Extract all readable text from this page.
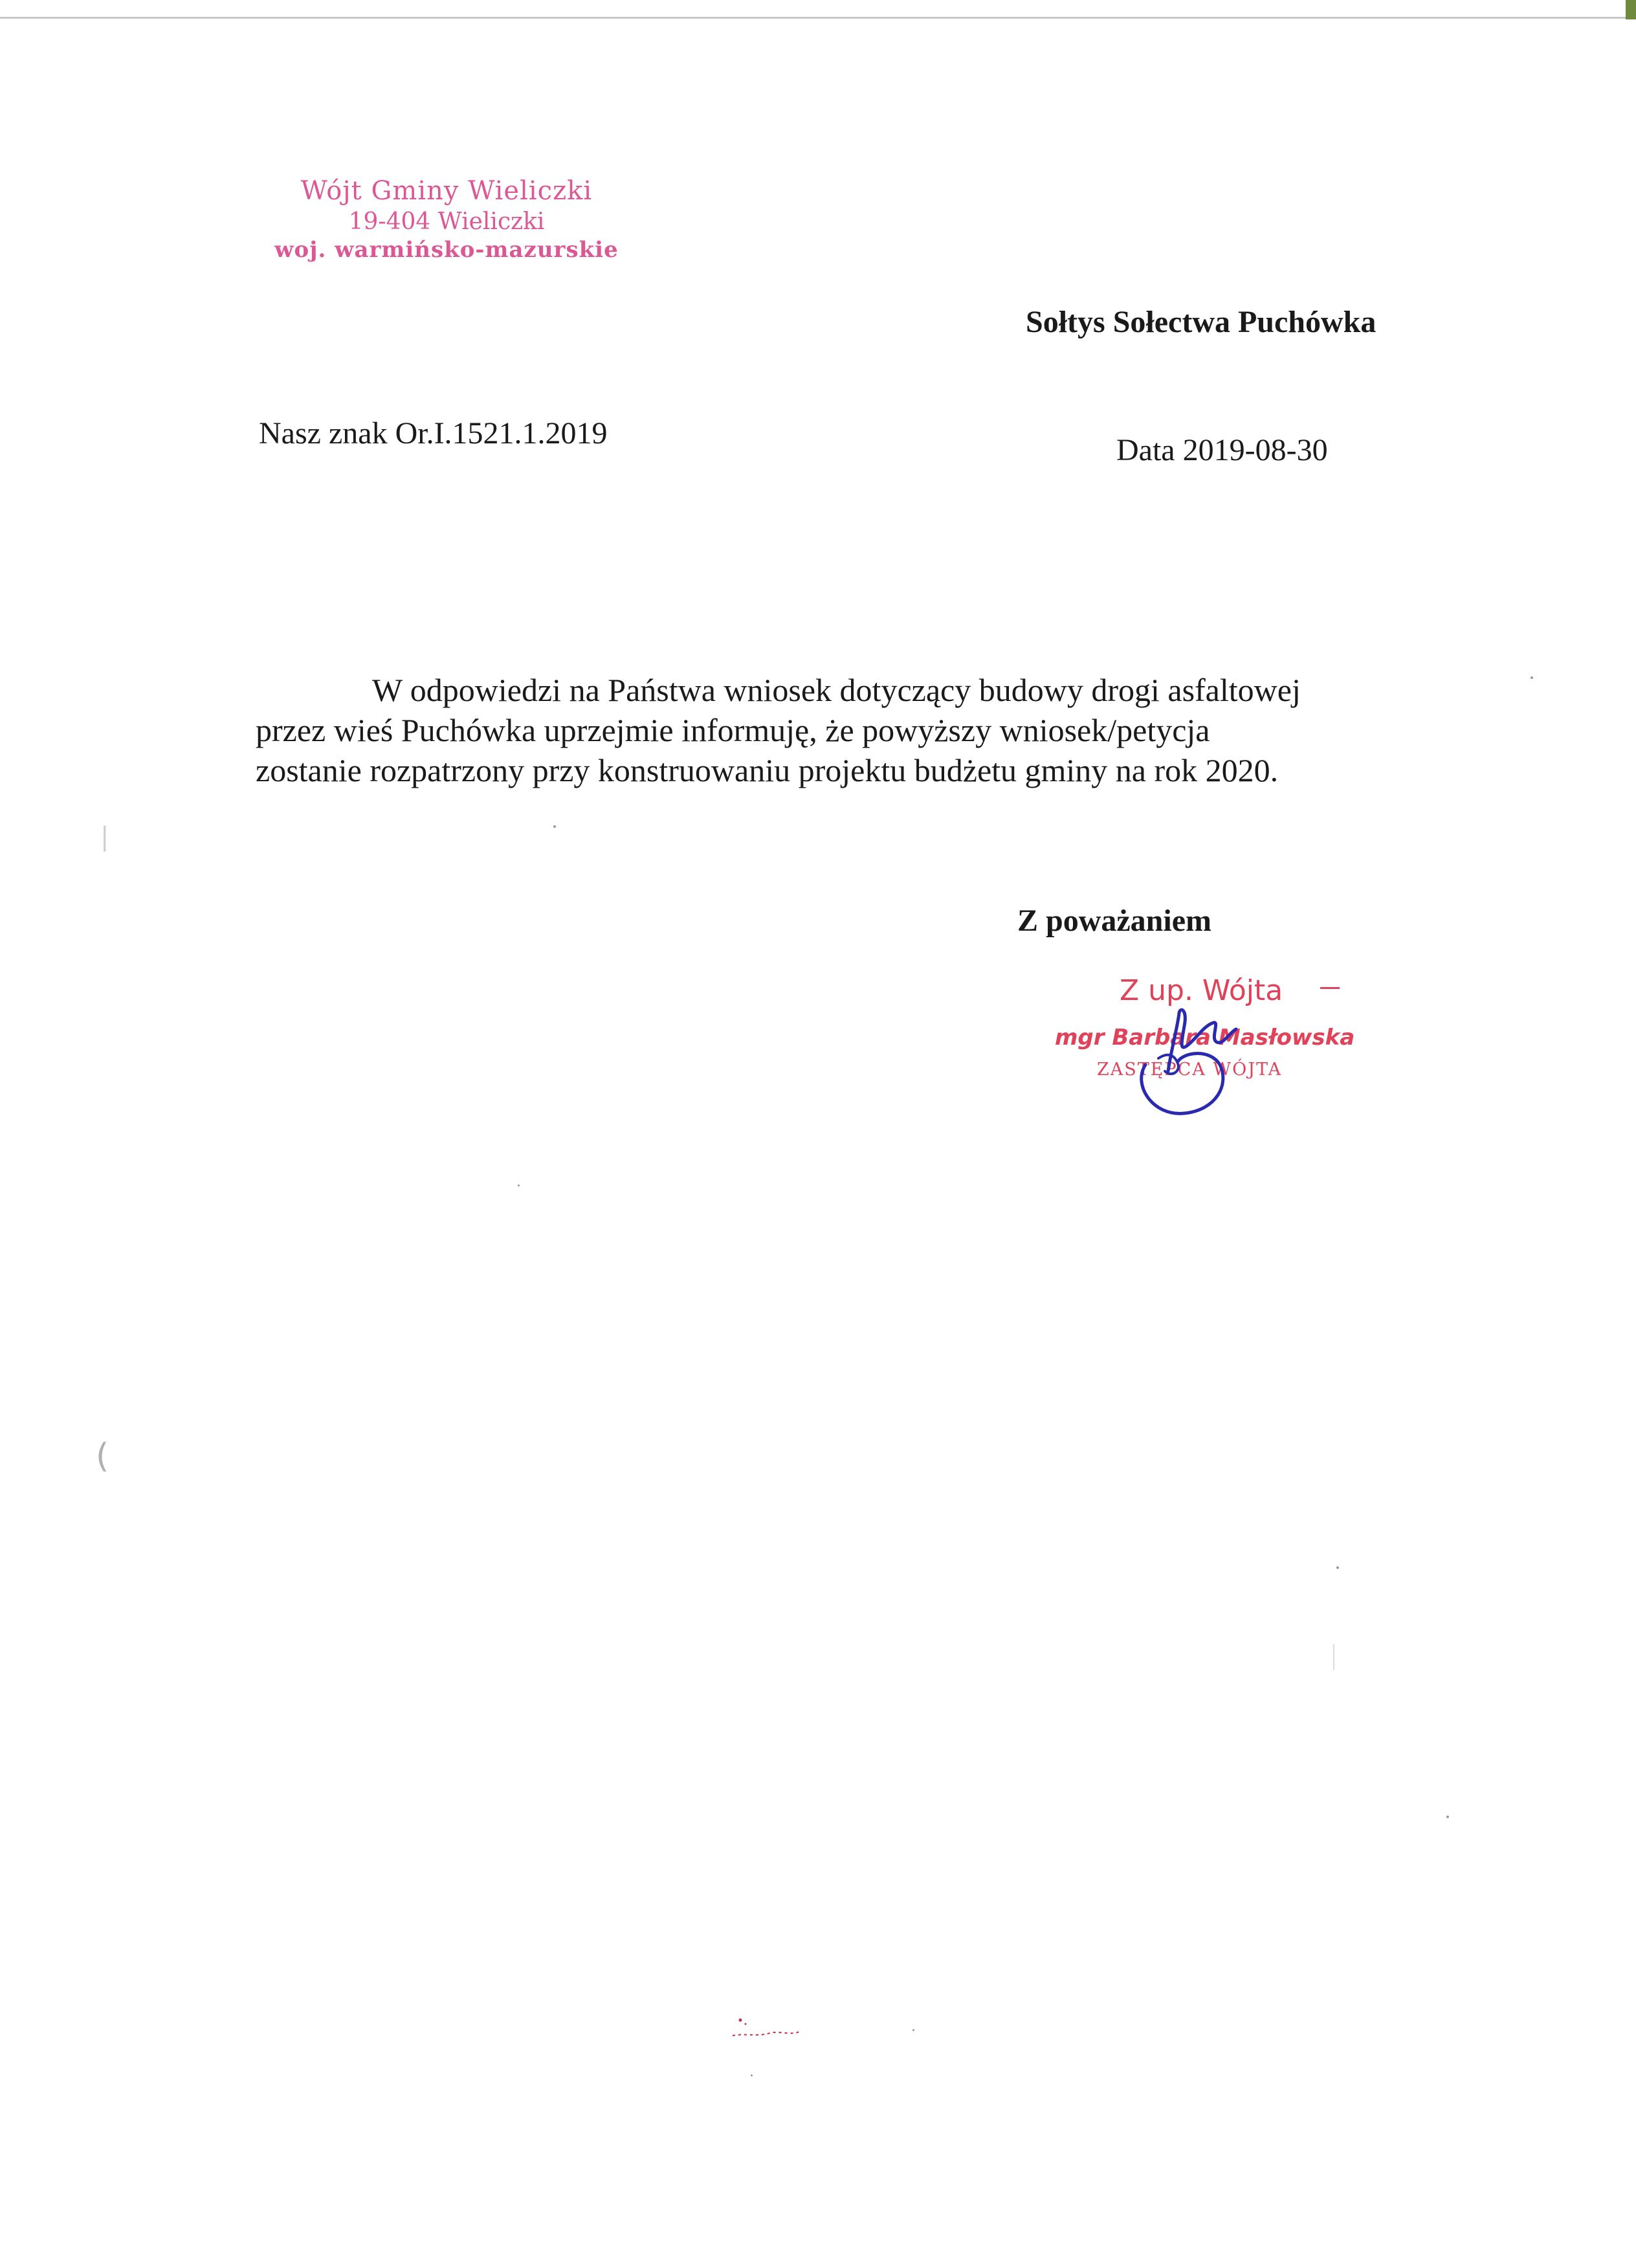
Wójt Gminy Wieliczki
19-404 Wieliczki
woj. warmińsko-mazurskie
Sołtys Sołectwa Puchówka
Nasz znak Or.I.1521.1.2019	Data 2019-08-30

W odpowiedzi na Państwa wniosek dotyczący budowy drogi asfaltowej
przez wieś Puchówka uprzejmie informuję, że powyższy wniosek/petycja
zostanie rozpatrzony przy konstruowaniu projektu budżetu gminy na rok 2020.

Z poważaniem
Z up. Wójta
mgr Barbara Masłowska
ZASTĘPCA WÓJTA
|
(
